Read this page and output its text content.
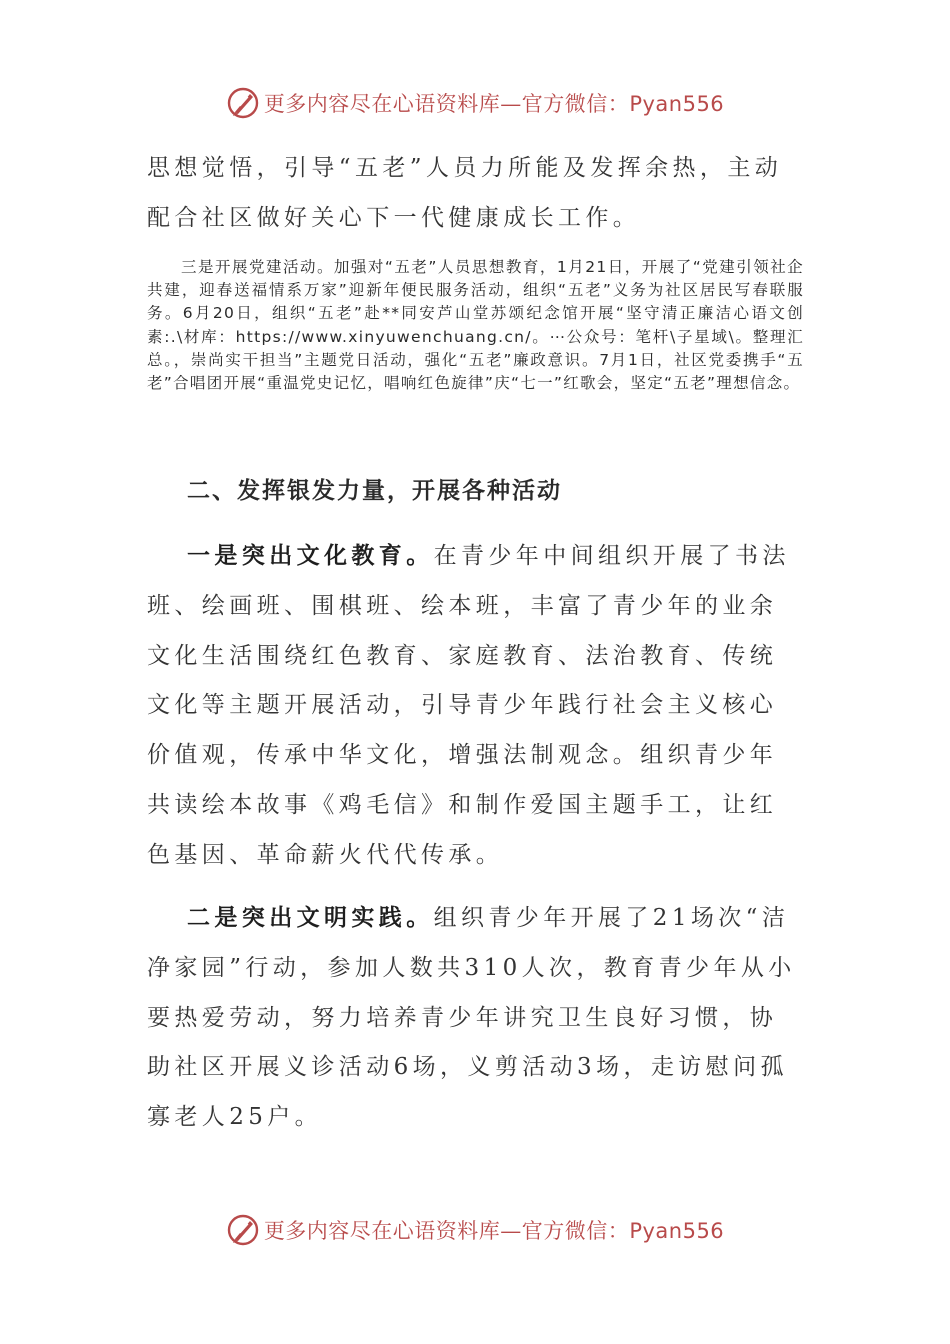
更多内容尽在心语资料库—官方微信：Pyan556

思想觉悟，引导“五老”人员力所能及发挥余热，主动配合社区做好关心下一代健康成长工作。

三是开展党建活动。加强对“五老”人员思想教育，1月21日，开展了“党建引领社企共建，迎春送福情系万家”迎新年便民服务活动，组织“五老”义务为社区居民写春联服务。6月20日，组织“五老”赴**同安芦山堂苏颂纪念馆开展“坚守清正廉洁心语文创素:.\材库：https://www.xinyuwenchuang.cn/。⋯公众号：笔杆\子星域\。整理汇总。，崇尚实干担当”主题党日活动，强化“五老”廉政意识。7月1日，社区党委携手“五老”合唱团开展“重温党史记忆，唱响红色旋律”庆“七一”红歌会，坚定“五老”理想信念。

二、发挥银发力量，开展各种活动

一是突出文化教育。在青少年中间组织开展了书法班、绘画班、围棋班、绘本班，丰富了青少年的业余文化生活围绕红色教育、家庭教育、法治教育、传统文化等主题开展活动，引导青少年践行社会主义核心价值观，传承中华文化，增强法制观念。组织青少年共读绘本故事《鸡毛信》和制作爱国主题手工，让红色基因、革命薪火代代传承。

二是突出文明实践。组织青少年开展了21场次“洁净家园”行动，参加人数共310人次，教育青少年从小要热爱劳动，努力培养青少年讲究卫生良好习惯，协助社区开展义诊活动6场，义剪活动3场，走访慰问孤寡老人25户。

更多内容尽在心语资料库—官方微信：Pyan556
